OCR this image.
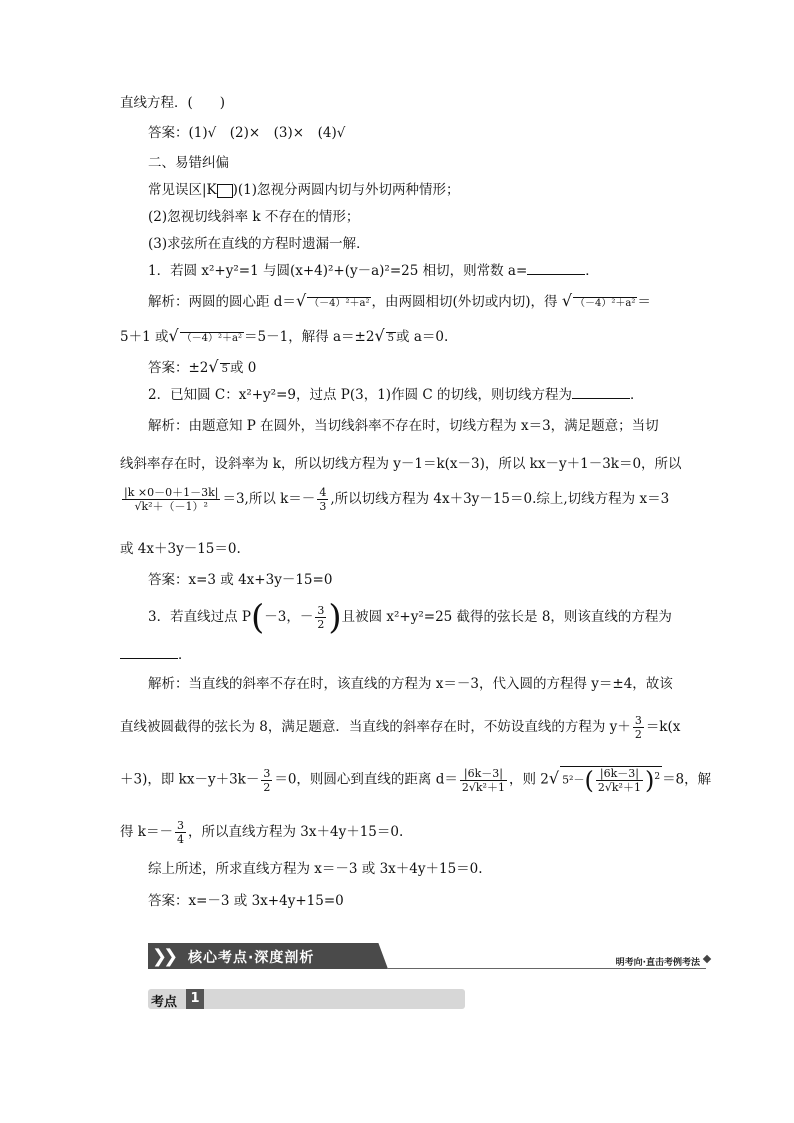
直线方程．(　　)
答案：(1)√　(2)×　(3)×　(4)√
二、易错纠偏
常见误区|K )(1)忽视分两圆内切与外切两种情形；
(2)忽视切线斜率 k 不存在的情形；
(3)求弦所在直线的方程时遗漏一解．
1．若圆 x²+y²=1 与圆(x+4)²+(y－a)²=25 相切，则常数 a=	．
解析：两圆的圆心距 d＝√ （－4）²＋a² ，由两圆相切(外切或内切)，得 √ （－4）²＋a² ＝
5＋1 或√ （－4）²＋a² ＝5－1，解得 a＝±2√ 5 或 a＝0.
答案：±2√ 5 或 0
2．已知圆 C：x²+y²=9，过点 P(3，1)作圆 C 的切线，则切线方程为	．
解析：由题意知 P 在圆外，当切线斜率不存在时，切线方程为 x＝3，满足题意；当切
线斜率存在时，设斜率为 k，所以切线方程为 y－1＝k(x－3)，所以 kx－y＋1－3k＝0，所以
$\frac{|k \times 0-0+1-3k|}{\text{√k²＋（－1）²}} =3$,所以 $k=- \frac{4}{3}$ ,所以切线方程为 4x＋3y－15＝0.综上,切线方程为 x＝3
或 4x＋3y－15＝0.
答案：x=3 或 4x+3y－15=0
3．若直线过点 P(－3，－ $\frac{3}{2}$ )且被圆 x²+y²=25 截得的弦长是 8，则该直线的方程为
．
解析：当直线的斜率不存在时，该直线的方程为 x＝－3，代入圆的方程得 y＝±4，故该
直线被圆截得的弦长为 8，满足题意．当直线的斜率存在时，不妨设直线的方程为 $y+ \frac{3}{2} =k(x$
＋3)，即 $kx-y+3k- \frac{3}{2} =0$，则圆心到直线的距离 $d= \frac{|6k-3|}{\text{2√k²＋1}}$ ，则 2√ $5^2-( \frac{|6k-3|}{\text{2√k²＋1}} )^2 =8$，解
得 $k=- \frac{3}{4}$ ，所以直线方程为 3x＋4y＋15＝0.
综上所述，所求直线方程为 x＝－3 或 3x＋4y＋15＝0.
答案：x=－3 或 3x+4y+15=0
❯❯ 核心考点·深度剖析	明考向·直击考例考法
考点	1
